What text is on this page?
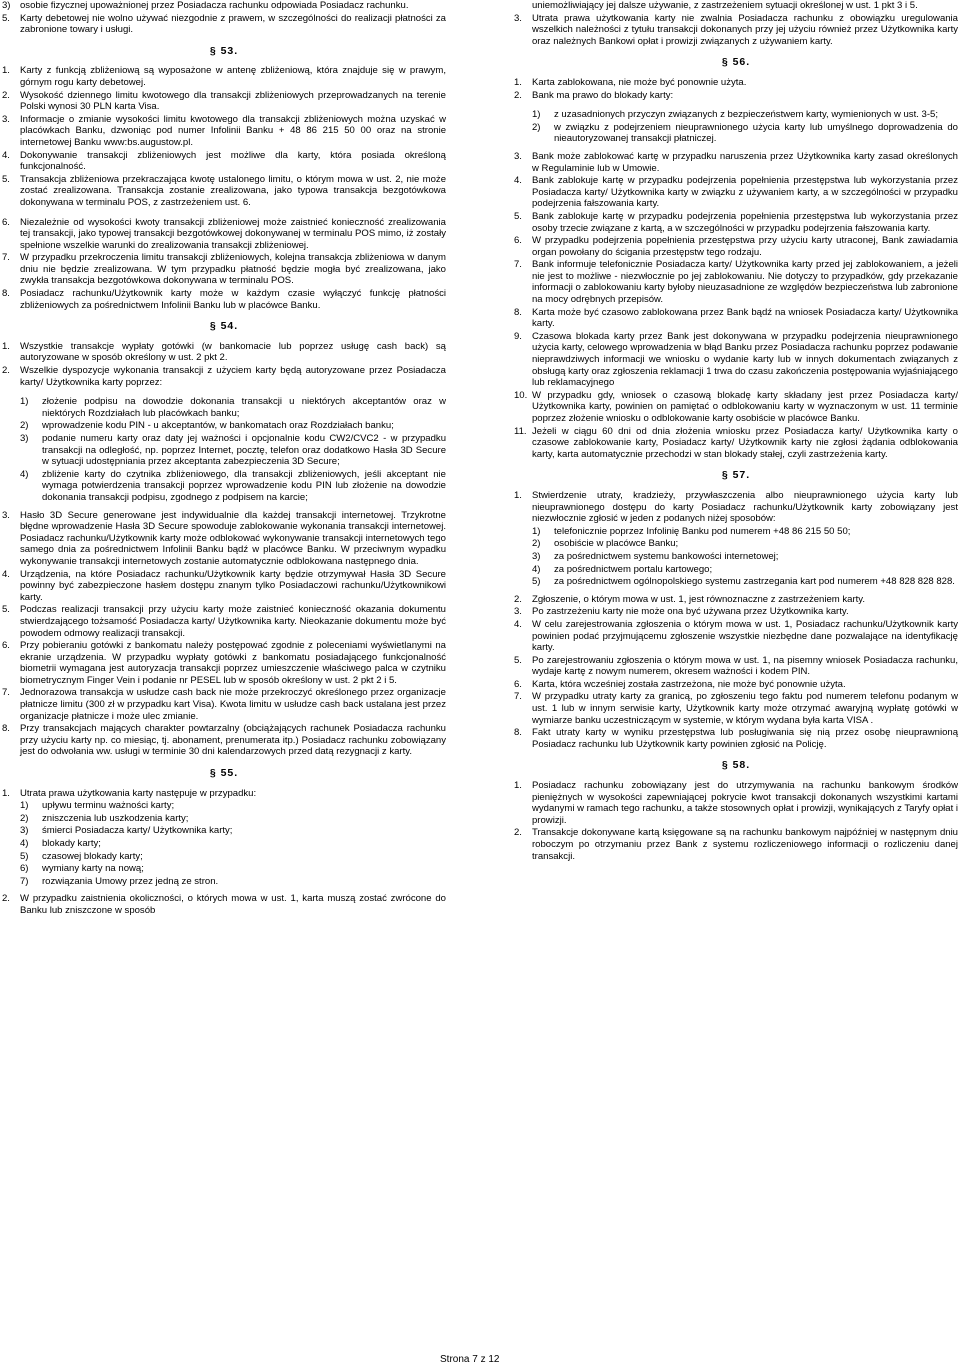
3) osobie fizycznej upoważnionej przez Posiadacza rachunku odpowiada Posiadacz rachunku.
5. Karty debetowej nie wolno używać niezgodnie z prawem, w szczególności do realizacji płatności za zabronione towary i usługi.
§ 53.
1. Karty z funkcją zbliżeniową są wyposażone w antenę zbliżeniową, która znajduje się w prawym, górnym rogu karty debetowej.
2. Wysokość dziennego limitu kwotowego dla transakcji zbliżeniowych przeprowadzanych na terenie Polski wynosi 30 PLN karta Visa.
3. Informacje o zmianie wysokości limitu kwotowego dla transakcji zbliżeniowych można uzyskać w placówkach Banku, dzwoniąc pod numer Infolinii Banku + 48 86 215 50 00 oraz na stronie internetowej Banku www:bs.augustow.pl.
4. Dokonywanie transakcji zbliżeniowych jest możliwe dla karty, która posiada określoną funkcjonalność.
5. Transakcja zbliżeniowa przekraczająca kwotę ustalonego limitu, o którym mowa w ust. 2, nie może zostać zrealizowana. Transakcja zostanie zrealizowana, jako typowa transakcja bezgotówkowa dokonywana w terminalu POS, z zastrzeżeniem ust. 6.
6. Niezależnie od wysokości kwoty transakcji zbliżeniowej może zaistnieć konieczność zrealizowania tej transakcji, jako typowej transakcji bezgotówkowej dokonywanej w terminalu POS mimo, iż zostały spełnione wszelkie warunki do zrealizowania transakcji zbliżeniowej.
7. W przypadku przekroczenia limitu transakcji zbliżeniowych, kolejna transakcja zbliżeniowa w danym dniu nie będzie zrealizowana. W tym przypadku płatność będzie mogła być zrealizowana, jako zwykła transakcja bezgotówkowa dokonywana w terminalu POS.
8. Posiadacz rachunku/Użytkownik karty może w każdym czasie wyłączyć funkcję płatności zbliżeniowych za pośrednictwem Infolinii Banku lub w placówce Banku.
§ 54.
1. Wszystkie transakcje wypłaty gotówki (w bankomacie lub poprzez usługę cash back) są autoryzowane w sposób określony w ust. 2 pkt 2.
2. Wszelkie dyspozycje wykonania transakcji z użyciem karty będą autoryzowane przez Posiadacza karty/ Użytkownika karty poprzez:
1) złożenie podpisu na dowodzie dokonania transakcji u niektórych akceptantów oraz w niektórych Rozdziałach lub placówkach banku;
2) wprowadzenie kodu PIN - u akceptantów, w bankomatach oraz Rozdziałach banku;
3) podanie numeru karty oraz daty jej ważności i opcjonalnie kodu CW2/CVC2 - w przypadku transakcji na odległość, np. poprzez Internet, pocztę, telefon oraz dodatkowo Hasła 3D Secure w sytuacji udostępniania przez akceptanta zabezpieczenia 3D Secure;
4) zbliżenie karty do czytnika zbliżeniowego, dla transakcji zbliżeniowych, jeśli akceptant nie wymaga potwierdzenia transakcji poprzez wprowadzenie kodu PIN lub złożenie na dowodzie dokonania transakcji podpisu, zgodnego z podpisem na karcie;
3. Hasło 3D Secure generowane jest indywidualnie dla każdej transakcji internetowej. Trzykrotne błędne wprowadzenie Hasła 3D Secure spowoduje zablokowanie wykonania transakcji internetowej. Posiadacz rachunku/Użytkownik karty może odblokować wykonywanie transakcji internetowych tego samego dnia za pośrednictwem Infolinii Banku bądź w placówce Banku. W przeciwnym wypadku wykonywanie transakcji internetowych zostanie automatycznie odblokowana następnego dnia.
4. Urządzenia, na które Posiadacz rachunku/Użytkownik karty będzie otrzymywał Hasła 3D Secure powinny być zabezpieczone hasłem dostępu znanym tylko Posiadaczowi rachunku/Użytkownikowi karty.
5. Podczas realizacji transakcji przy użyciu karty może zaistnieć konieczność okazania dokumentu stwierdzającego tożsamość Posiadacza karty/ Użytkownika karty. Nieokazanie dokumentu może być powodem odmowy realizacji transakcji.
6. Przy pobieraniu gotówki z bankomatu należy postępować zgodnie z poleceniami wyświetlanymi na ekranie urządzenia. W przypadku wypłaty gotówki z bankomatu posiadającego funkcjonalność biometrii wymagana jest autoryzacja transakcji poprzez umieszczenie właściwego palca w czytniku biometrycznym Finger Vein i podanie nr PESEL lub w sposób określony w ust. 2 pkt 2 i 5.
7. Jednorazowa transakcja w usłudze cash back nie może przekroczyć określonego przez organizacje płatnicze limitu (300 zł w przypadku kart Visa). Kwota limitu w usłudze cash back ustalana jest przez organizacje płatnicze i może ulec zmianie.
8. Przy transakcjach mających charakter powtarzalny (obciążających rachunek Posiadacza rachunku przy użyciu karty np. co miesiąc, tj. abonament, prenumerata itp.) Posiadacz rachunku zobowiązany jest do odwołania ww. usługi w terminie 30 dni kalendarzowych przed datą rezygnacji z karty.
§ 55.
1. Utrata prawa użytkowania karty następuje w przypadku:
1) upływu terminu ważności karty;
2) zniszczenia lub uszkodzenia karty;
3) śmierci Posiadacza karty/ Użytkownika karty;
4) blokady karty;
5) czasowej blokady karty;
6) wymiany karty na nową;
7) rozwiązania Umowy przez jedną ze stron.
2. W przypadku zaistnienia okoliczności, o których mowa w ust. 1, karta muszą zostać zwrócone do Banku lub zniszczone w sposób
uniemożliwiający jej dalsze używanie, z zastrzeżeniem sytuacji określonej w ust. 1 pkt 3 i 5.
3. Utrata prawa użytkowania karty nie zwalnia Posiadacza rachunku z obowiązku uregulowania wszelkich należności z tytułu transakcji dokonanych przy jej użyciu również przez Użytkownika karty oraz należnych Bankowi opłat i prowizji związanych z używaniem karty.
§ 56.
1. Karta zablokowana, nie może być ponownie użyta.
2. Bank ma prawo do blokady karty:
1) z uzasadnionych przyczyn związanych z bezpieczeństwem karty, wymienionych w ust. 3-5;
2) w związku z podejrzeniem nieuprawnionego użycia karty lub umyślnego doprowadzenia do nieautoryzowanej transakcji płatniczej.
3. Bank może zablokować kartę w przypadku naruszenia przez Użytkownika karty zasad określonych w Regulaminie lub w Umowie.
4. Bank zablokuje kartę w przypadku podejrzenia popełnienia przestępstwa lub wykorzystania przez Posiadacza karty/ Użytkownika karty w związku z używaniem karty, a w szczególności w przypadku podejrzenia fałszowania karty.
5. Bank zablokuje kartę w przypadku podejrzenia popełnienia przestępstwa lub wykorzystania przez osoby trzecie związane z kartą, a w szczególności w przypadku podejrzenia fałszowania karty.
6. W przypadku podejrzenia popełnienia przestępstwa przy użyciu karty utraconej, Bank zawiadamia organ powołany do ścigania przestępstw tego rodzaju.
7. Bank informuje telefonicznie Posiadacza karty/ Użytkownika karty przed jej zablokowaniem, a jeżeli nie jest to możliwe - niezwłocznie po jej zablokowaniu. Nie dotyczy to przypadków, gdy przekazanie informacji o zablokowaniu karty byłoby nieuzasadnione ze względów bezpieczeństwa lub zabronione na mocy odrębnych przepisów.
8. Karta może być czasowo zablokowana przez Bank bądź na wniosek Posiadacza karty/ Użytkownika karty.
9. Czasowa blokada karty przez Bank jest dokonywana w przypadku podejrzenia nieuprawnionego użycia karty, celowego wprowadzenia w błąd Banku przez Posiadacza rachunku poprzez podawanie nieprawdziwych informacji we wniosku o wydanie karty lub w innych dokumentach związanych z obsługą karty oraz zgłoszenia reklamacji 1 trwa do czasu zakończenia postępowania wyjaśniającego lub reklamacyjnego
10. W przypadku gdy, wniosek o czasową blokadę karty składany jest przez Posiadacza karty/ Użytkownika karty, powinien on pamiętać o odblokowaniu karty w wyznaczonym w ust. 11 terminie poprzez złożenie wniosku o odblokowanie karty osobiście w placówce Banku.
11. Jeżeli w ciągu 60 dni od dnia złożenia wniosku przez Posiadacza karty/ Użytkownika karty o czasowe zablokowanie karty, Posiadacz karty/ Użytkownik karty nie zgłosi żądania odblokowania karty, karta automatycznie przechodzi w stan blokady stałej, czyli zastrzeżenia karty.
§ 57.
1. Stwierdzenie utraty, kradzieży, przywłaszczenia albo nieuprawnionego użycia karty lub nieuprawnionego dostępu do karty Posiadacz rachunku/Użytkownik karty zobowiązany jest niezwłocznie zgłosić w jeden z podanych niżej sposobów:
1) telefonicznie poprzez Infolinię Banku pod numerem +48 86 215 50 50;
2) osobiście w placówce Banku;
3) za pośrednictwem systemu bankowości internetowej;
4) za pośrednictwem portalu kartowego;
5) za pośrednictwem ogólnopolskiego systemu zastrzegania kart pod numerem +48 828 828 828.
2. Zgłoszenie, o którym mowa w ust. 1, jest równoznaczne z zastrzeżeniem karty.
3. Po zastrzeżeniu karty nie może ona być używana przez Użytkownika karty.
4. W celu zarejestrowania zgłoszenia o którym mowa w ust. 1, Posiadacz rachunku/Użytkownik karty powinien podać przyjmującemu zgłoszenie wszystkie niezbędne dane pozwalające na identyfikację karty.
5. Po zarejestrowaniu zgłoszenia o którym mowa w ust. 1, na pisemny wniosek Posiadacza rachunku, wydaje kartę z nowym numerem, okresem ważności i kodem PIN.
6. Karta, która wcześniej została zastrzeżona, nie może być ponownie użyta.
7. W przypadku utraty karty za granicą, po zgłoszeniu tego faktu pod numerem telefonu podanym w ust. 1 lub w innym serwisie karty, Użytkownik karty może otrzymać awaryjną wypłatę gotówki w wymiarze banku uczestniczącym w systemie, w którym wydana była karta VISA .
8. Fakt utraty karty w wyniku przestępstwa lub posługiwania się nią przez osobę nieuprawnioną Posiadacz rachunku lub Użytkownik karty powinien zgłosić na Policję.
§ 58.
1. Posiadacz rachunku zobowiązany jest do utrzymywania na rachunku bankowym środków pieniężnych w wysokości zapewniającej pokrycie kwot transakcji dokonanych wszystkimi kartami wydanymi w ramach tego rachunku, a także stosownych opłat i prowizji, wynikających z Taryfy opłat i prowizji.
2. Transakcje dokonywane kartą księgowane są na rachunku bankowym najpóźniej w następnym dniu roboczym po otrzymaniu przez Bank z systemu rozliczeniowego informacji o rozliczeniu danej transakcji.
Strona 7 z 12
